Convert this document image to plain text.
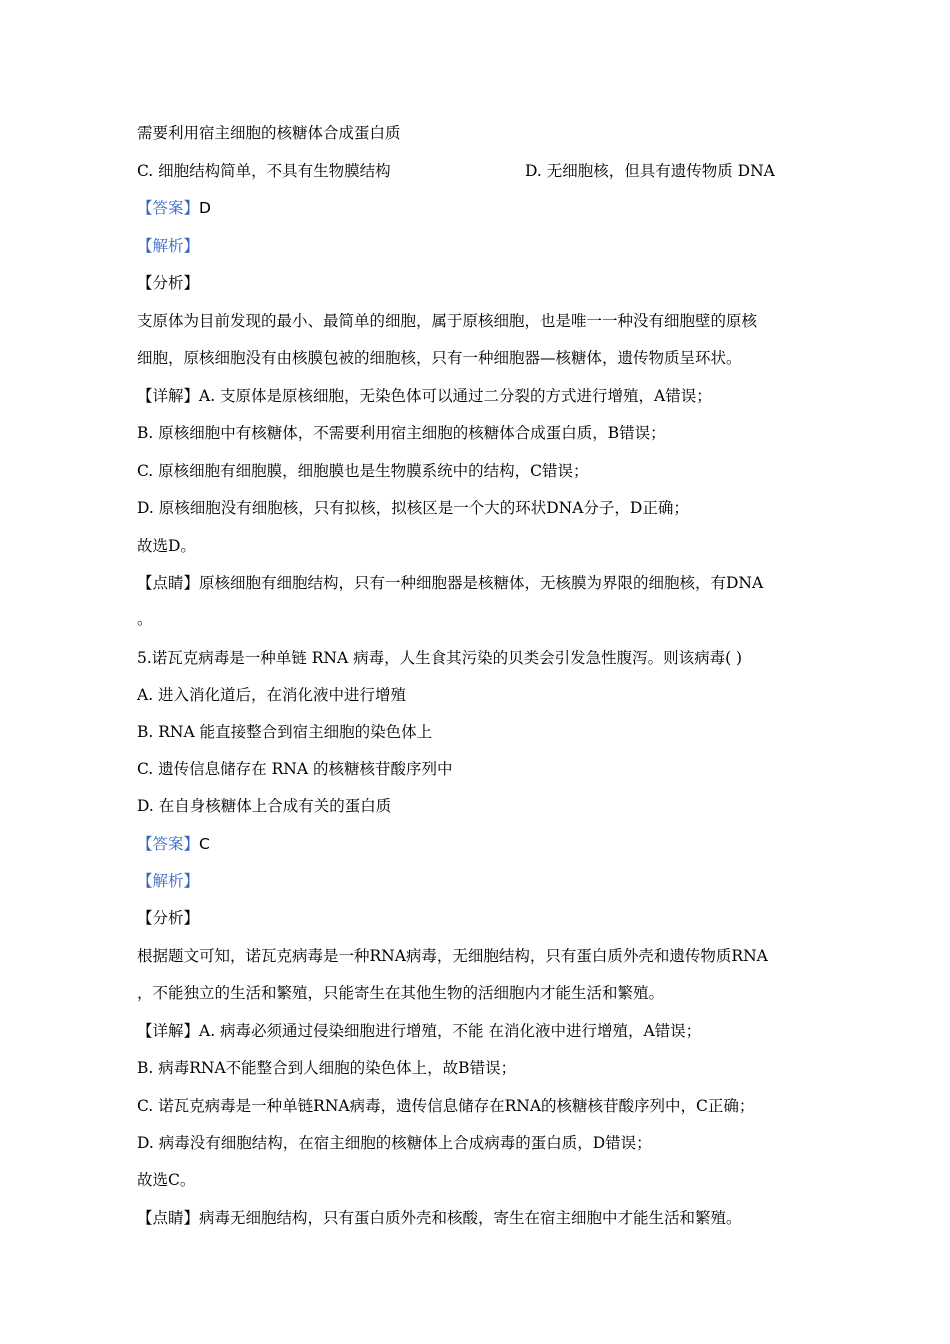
需要利用宿主细胞的核糖体合成蛋白质
C. 细胞结构简单，不具有生物膜结构	D. 无细胞核，但具有遗传物质 DNA
【答案】D
【解析】
【分析】
支原体为目前发现的最小、最简单的细胞，属于原核细胞，也是唯一一种没有细胞壁的原核
细胞，原核细胞没有由核膜包被的细胞核，只有一种细胞器—核糖体，遗传物质呈环状。
【详解】A. 支原体是原核细胞，无染色体可以通过二分裂的方式进行增殖，A错误；
B. 原核细胞中有核糖体，不需要利用宿主细胞的核糖体合成蛋白质，B错误；
C. 原核细胞有细胞膜，细胞膜也是生物膜系统中的结构，C错误；
D. 原核细胞没有细胞核，只有拟核，拟核区是一个大的环状DNA分子，D正确；
故选D。
【点睛】原核细胞有细胞结构，只有一种细胞器是核糖体，无核膜为界限的细胞核，有DNA
。
5.诺瓦克病毒是一种单链 RNA 病毒，人生食其污染的贝类会引发急性腹泻。则该病毒( )
A. 进入消化道后，在消化液中进行增殖
B. RNA 能直接整合到宿主细胞的染色体上
C. 遗传信息储存在 RNA 的核糖核苷酸序列中
D. 在自身核糖体上合成有关的蛋白质
【答案】C
【解析】
【分析】
根据题文可知，诺瓦克病毒是一种RNA病毒，无细胞结构，只有蛋白质外壳和遗传物质RNA
，不能独立的生活和繁殖，只能寄生在其他生物的活细胞内才能生活和繁殖。
【详解】A. 病毒必须通过侵染细胞进行增殖，不能 在消化液中进行增殖，A错误；
B. 病毒RNA不能整合到人细胞的染色体上，故B错误；
C. 诺瓦克病毒是一种单链RNA病毒，遗传信息储存在RNA的核糖核苷酸序列中，C正确；
D. 病毒没有细胞结构，在宿主细胞的核糖体上合成病毒的蛋白质，D错误；
故选C。
【点睛】病毒无细胞结构，只有蛋白质外壳和核酸，寄生在宿主细胞中才能生活和繁殖。
